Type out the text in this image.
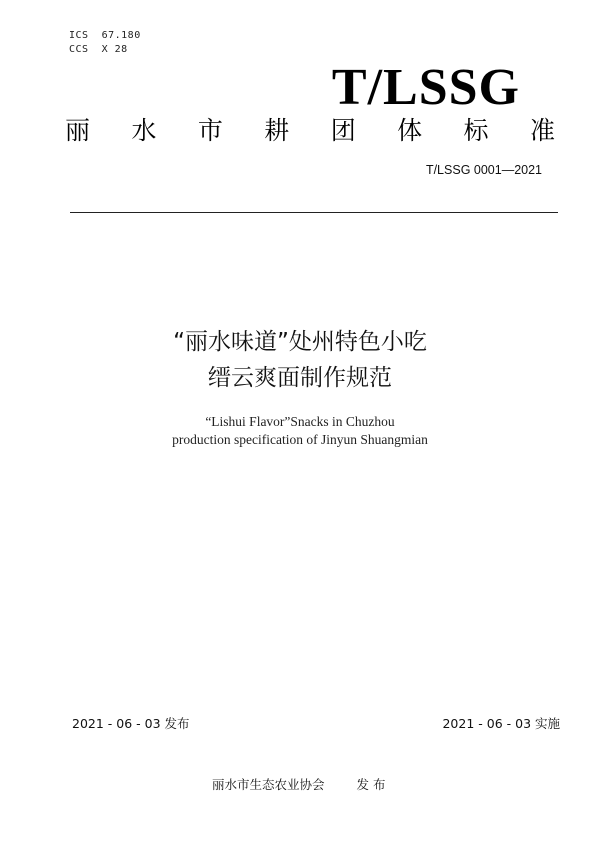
ICS  67.180
CCS  X 28
T/LSSG
丽 水 市 耕 团 体 标 准
T/LSSG 0001—2021
“丽水味道”处州特色小吃
缙云爽面制作规范
“Lishui Flavor”Snacks in Chuzhou
production specification of Jinyun Shuangmian
2021 - 06 - 03 发布	2021 - 06 - 03 实施
丽水市生态农业协会	发 布
